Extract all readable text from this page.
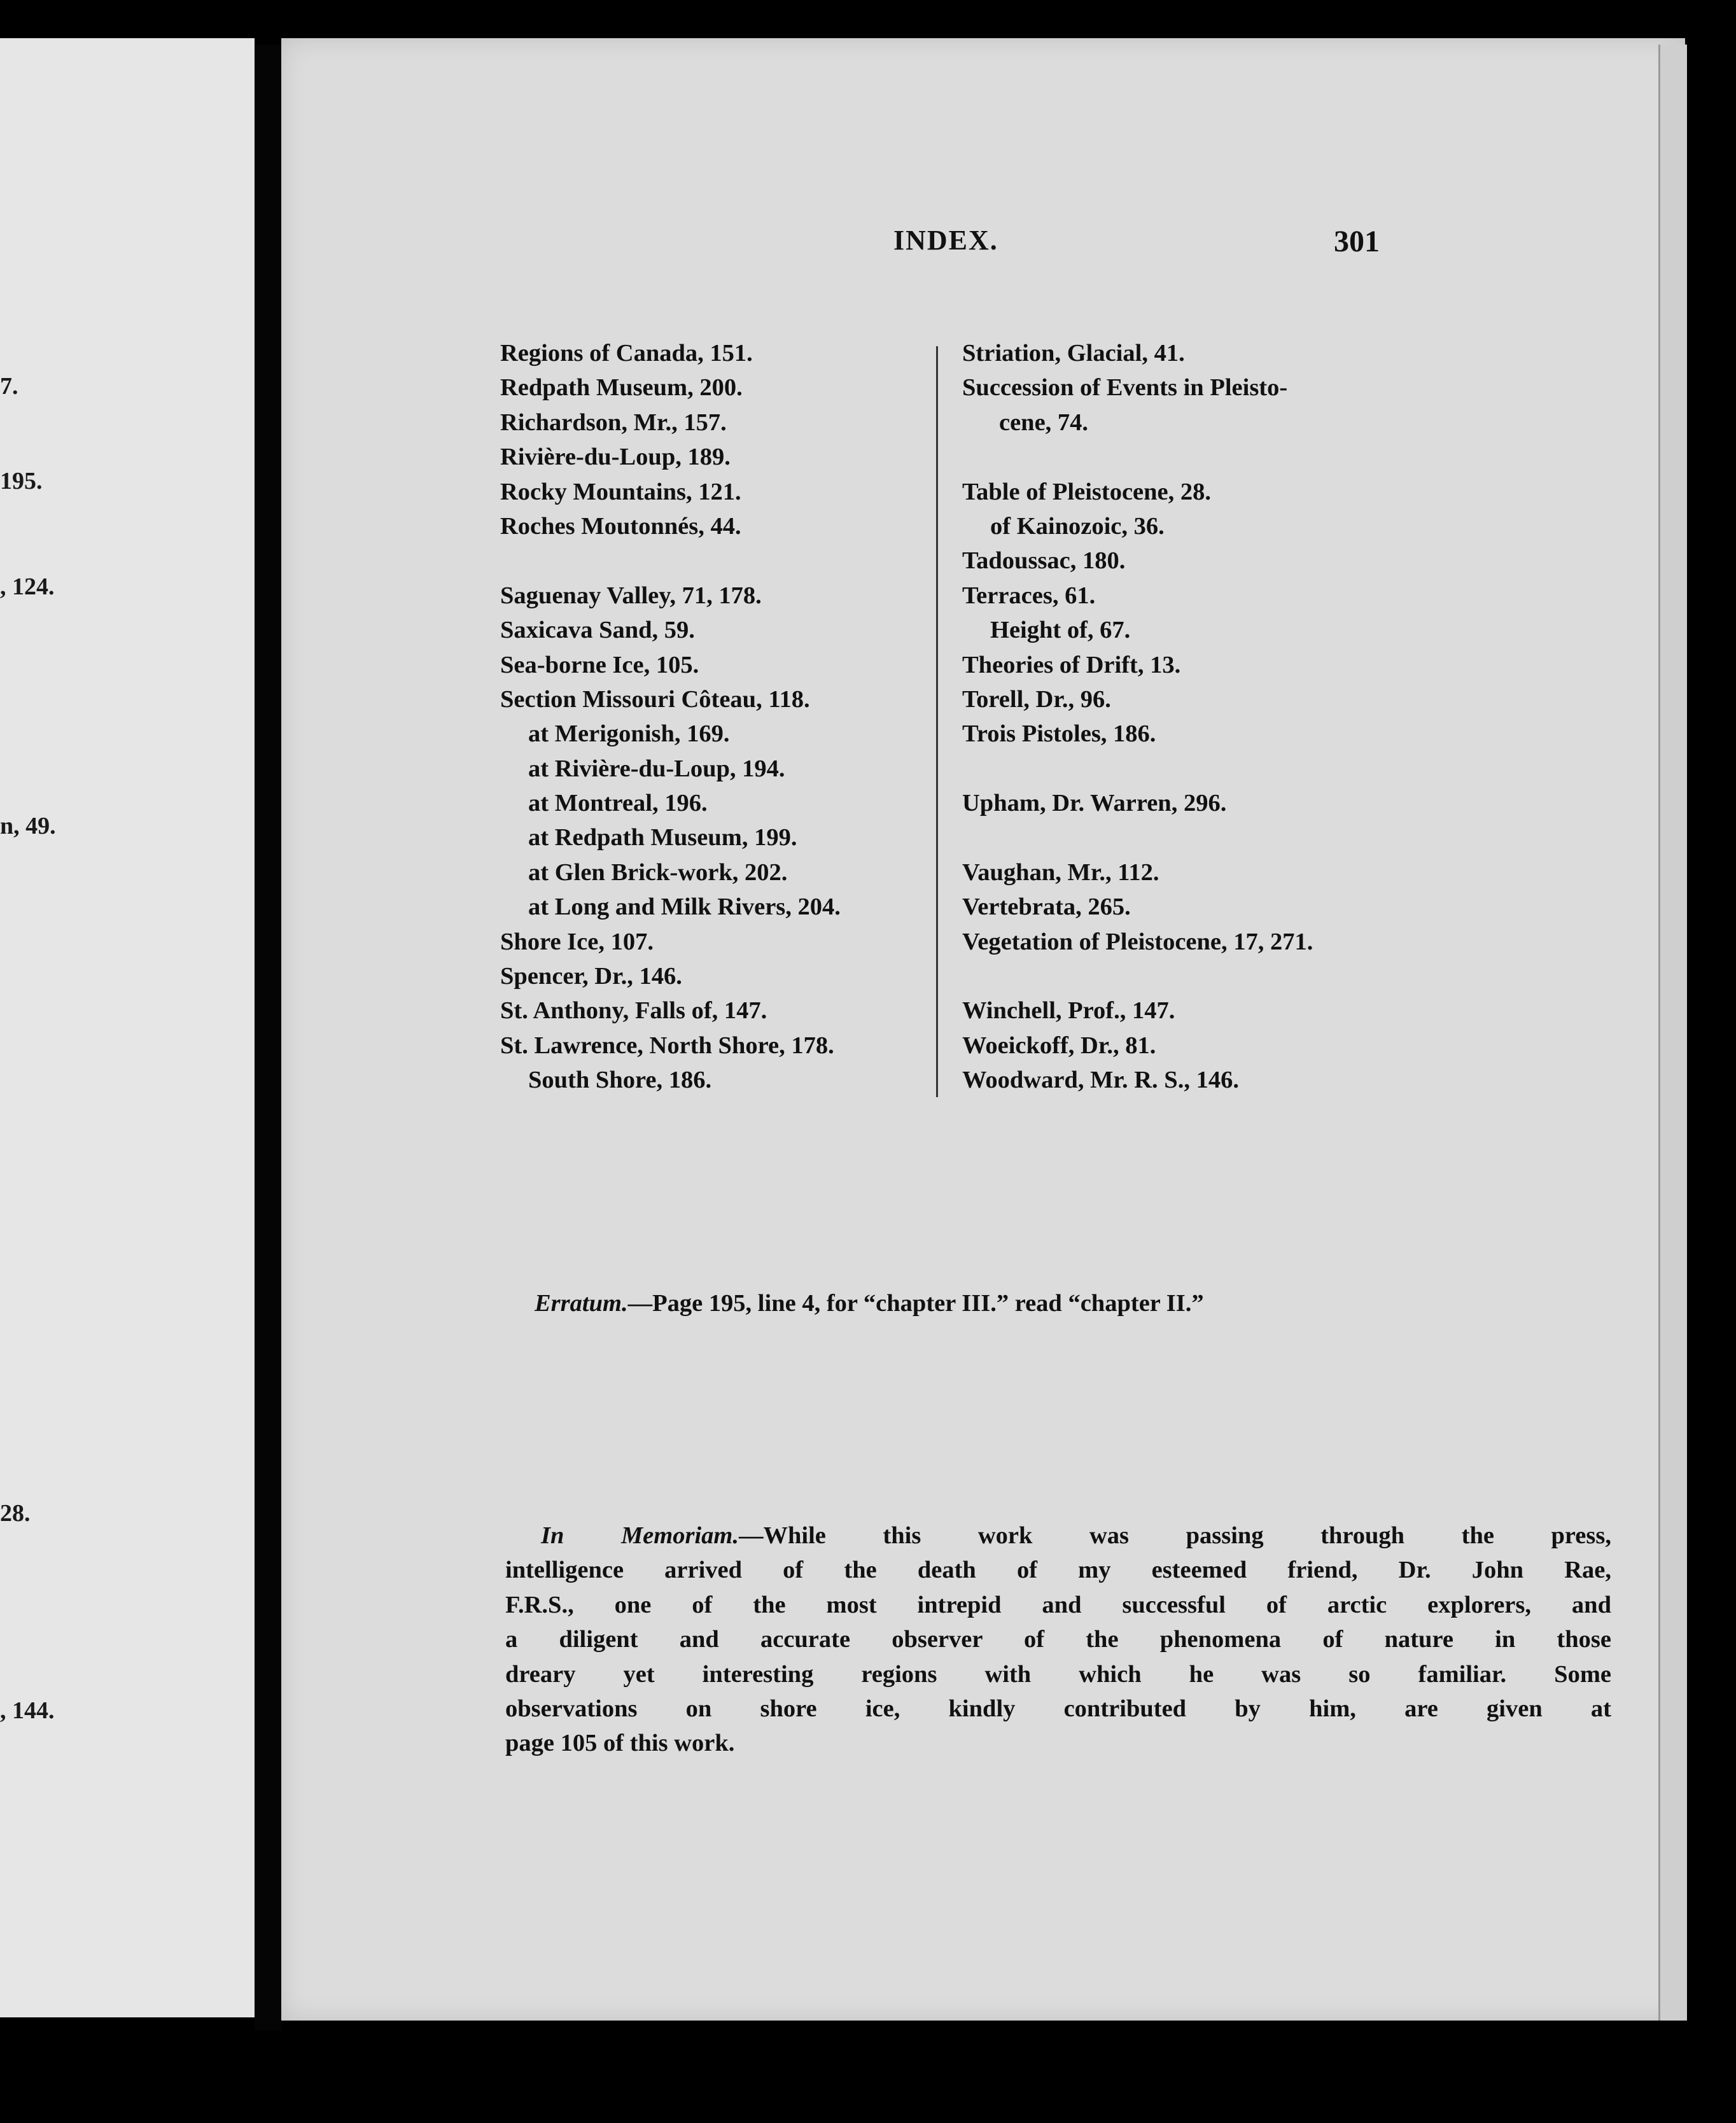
7.
195.
, 124.
n, 49.
28.
, 144.
INDEX.	301
Regions of Canada, 151.
Redpath Museum, 200.
Richardson, Mr., 157.
Rivière-du-Loup, 189.
Rocky Mountains, 121.
Roches Moutonnés, 44.
Saguenay Valley, 71, 178.
Saxicava Sand, 59.
Sea-borne Ice, 105.
Section Missouri Côteau, 118.
at Merigonish, 169.
at Rivière-du-Loup, 194.
at Montreal, 196.
at Redpath Museum, 199.
at Glen Brick-work, 202.
at Long and Milk Rivers, 204.
Shore Ice, 107.
Spencer, Dr., 146.
St. Anthony, Falls of, 147.
St. Lawrence, North Shore, 178.
South Shore, 186.
Striation, Glacial, 41.
Succession of Events in Pleisto-
cene, 74.
Table of Pleistocene, 28.
of Kainozoic, 36.
Tadoussac, 180.
Terraces, 61.
Height of, 67.
Theories of Drift, 13.
Torell, Dr., 96.
Trois Pistoles, 186.
Upham, Dr. Warren, 296.
Vaughan, Mr., 112.
Vertebrata, 265.
Vegetation of Pleistocene, 17, 271.
Winchell, Prof., 147.
Woeickoff, Dr., 81.
Woodward, Mr. R. S., 146.
Erratum.—Page 195, line 4, for “chapter III.” read “chapter II.”
In Memoriam.—While this work was passing through the press,
intelligence arrived of the death of my esteemed friend, Dr. John Rae,
F.R.S., one of the most intrepid and successful of arctic explorers, and
a diligent and accurate observer of the phenomena of nature in those
dreary yet interesting regions with which he was so familiar. Some
observations on shore ice, kindly contributed by him, are given at
page 105 of this work.
